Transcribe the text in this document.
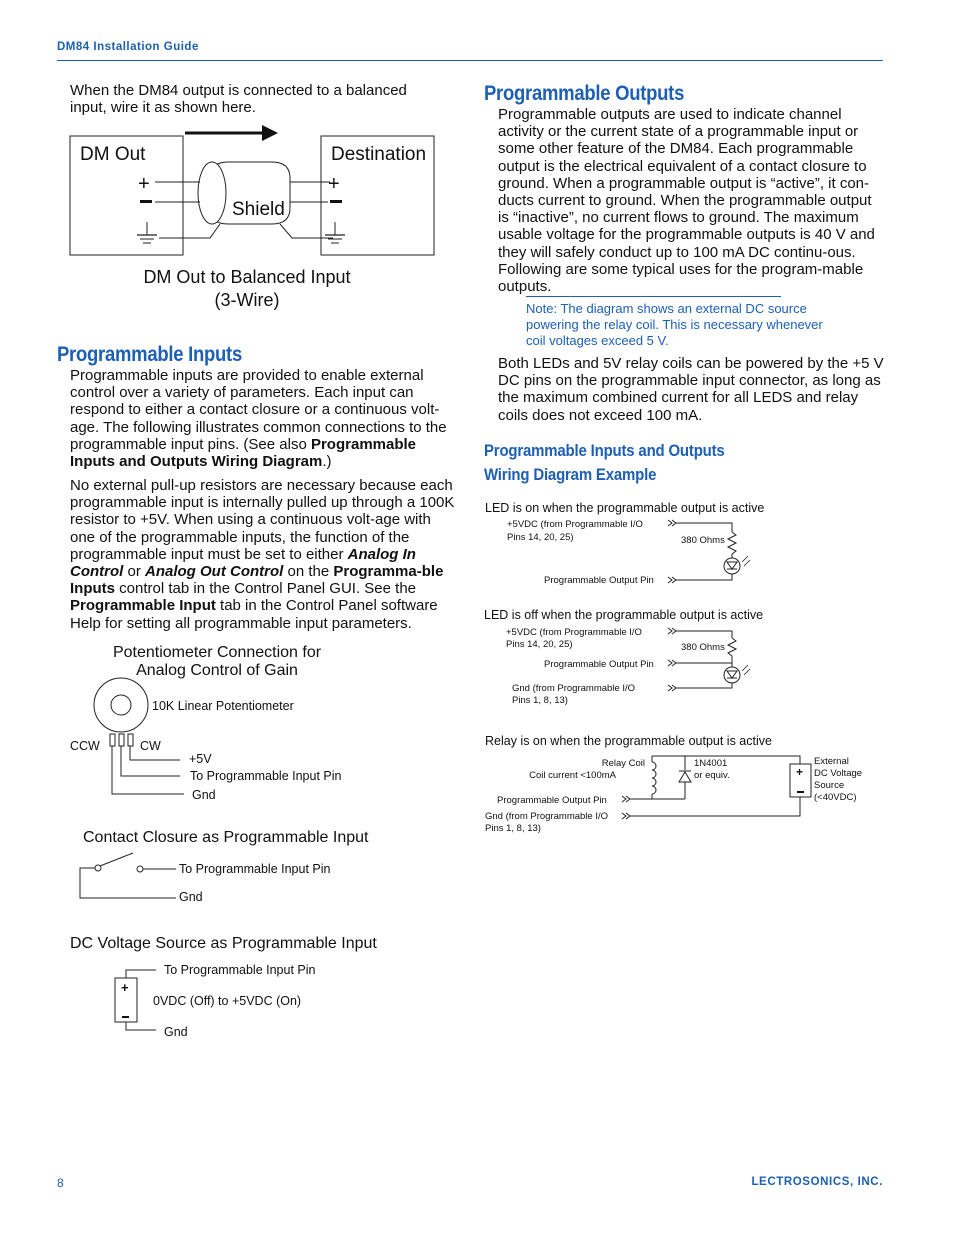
DM84 Installation Guide
When the DM84 output is connected to a balanced input, wire it as shown here.
DM Out	Destination
+	+
Shield
DM Out to Balanced Input
(3-Wire)
Programmable Inputs
Programmable inputs are provided to enable external control over a variety of parameters. Each input can respond to either a contact closure or a continuous volt-age. The following illustrates common connections to the programmable input pins. (See also Programmable Inputs and Outputs Wiring Diagram.)
No external pull-up resistors are necessary because each programmable input is internally pulled up through a 100K resistor to +5V. When using a continuous volt-age with one of the programmable inputs, the function of the programmable input must be set to either Analog In Control or Analog Out Control on the Programma-ble Inputs control tab in the Control Panel GUI. See the Programmable Input tab in the Control Panel software Help for setting all programmable input parameters.
Potentiometer Connection for
Analog Control of Gain
10K Linear Potentiometer
CCW	CW
+5V
To Programmable Input Pin
Gnd
Contact Closure as Programmable Input
To Programmable Input Pin
Gnd
DC Voltage Source as Programmable Input
+
To Programmable Input Pin
0VDC (Off) to +5VDC (On)
Gnd
Programmable Outputs
Programmable outputs are used to indicate channel activity or the current state of a programmable input or some other feature of the DM84. Each programmable output is the electrical equivalent of a contact closure to ground. When a programmable output is “active”, it con-ducts current to ground. When the programmable output is “inactive”, no current flows to ground. The maximum usable voltage for the programmable outputs is 40 V and they will safely conduct up to 100 mA DC continu-ous. Following are some typical uses for the program-mable outputs.
Note: The diagram shows an external DC source powering the relay coil. This is necessary whenever coil voltages exceed 5 V.
Both LEDs and 5V relay coils can be powered by the +5 V DC pins on the programmable input connector, as long as the maximum combined current for all LEDS and relay coils does not exceed 100 mA.
Programmable Inputs and Outputs
Wiring Diagram Example
LED is on when the programmable output is active
+5VDC (from Programmable I/O
Pins 14, 20, 25)	380 Ohms
Programmable Output Pin
LED is off when the programmable output is active
+5VDC (from Programmable I/O
Pins 14, 20, 25)	380 Ohms
Programmable Output Pin
Gnd (from Programmable I/O
Pins 1, 8, 13)
Relay is on when the programmable output is active
Relay Coil
Coil current <100mA
1N4001
or equiv.
External
DC Voltage
Source
(<40VDC)
Programmable Output Pin
Gnd (from Programmable I/O
Pins 1, 8, 13)
+
8	LECTROSONICS, INC.
